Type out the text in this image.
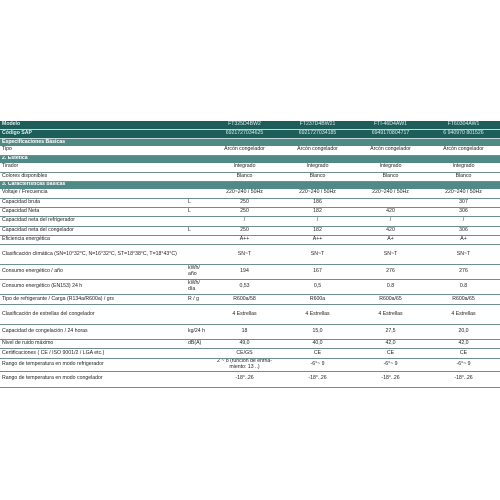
Modelo		FT325D4BW2	FT237D4BW21	FTI-46D4AW1	FT60304AW1
Código SAP		6921727034625	6921727034185	6949170804717	6 940970 801526
Especificaciones Básicas					
Tipo		Arcón congelador	Arcón congelador	Arcón congelador	Arcón congelador
2. Estética					
Tirador		Integrado	Integrado	Integrado	Integrado
Colores disponibles		Blanco	Blanco	Blanco	Blanco
3. Características básicas					
Voltaje / Frecuencia		220~240 / 50Hz	220~240 / 50Hz	220~240 / 50Hz	220~240 / 50Hz
Capacidad bruta	L	250	186		307
Capacidad Neta	L	250	182	420	306
Capacidad neta del refrigerador		/	/	/	/
Capacidad neta del congelador	L	250	182	420	306
Eficiencia energética		A++	A++	A+	A+
Clasificación climática (SN=10°32°C, N=16°32°C, ST=18°38°C, T=18°43°C)		SN~T	SN~T	SN~T	SN~T
Consumo energético / año	kWh/ año	194	167	276	276
Consumo energético (EN153) 24 h	kWh/ día	0,53	0,5	0.8	0.8
Tipo de refrigerante / Carga (R134a/R600a) / grs	R / g	R600a/58	R600a	R600a/65	R600a/65
Clasificación de estrellas del congelador		4 Estrellas	4 Estrellas	4 Estrellas	4 Estrellas
Capacidad de congelación / 24 horas	kg/24 h	18	15,0	27,5	20,0
Nivel de ruido máximo	dB(A)	49,0	40,0	42,0	42,0
Certificaciones ( CE / ISO 9001/2 / LGA etc.)		CE/GS	CE	CE	CE
Rango de temperatura en modo refrigerador		2 ~ 8 (función de enfria-miento: 13 ..)	-6°~ 9	-6°~ 9	-6°~ 9
Rango de temperatura en modo congelador		-18°..26	-18°..26	-18°..26	-18°..26
